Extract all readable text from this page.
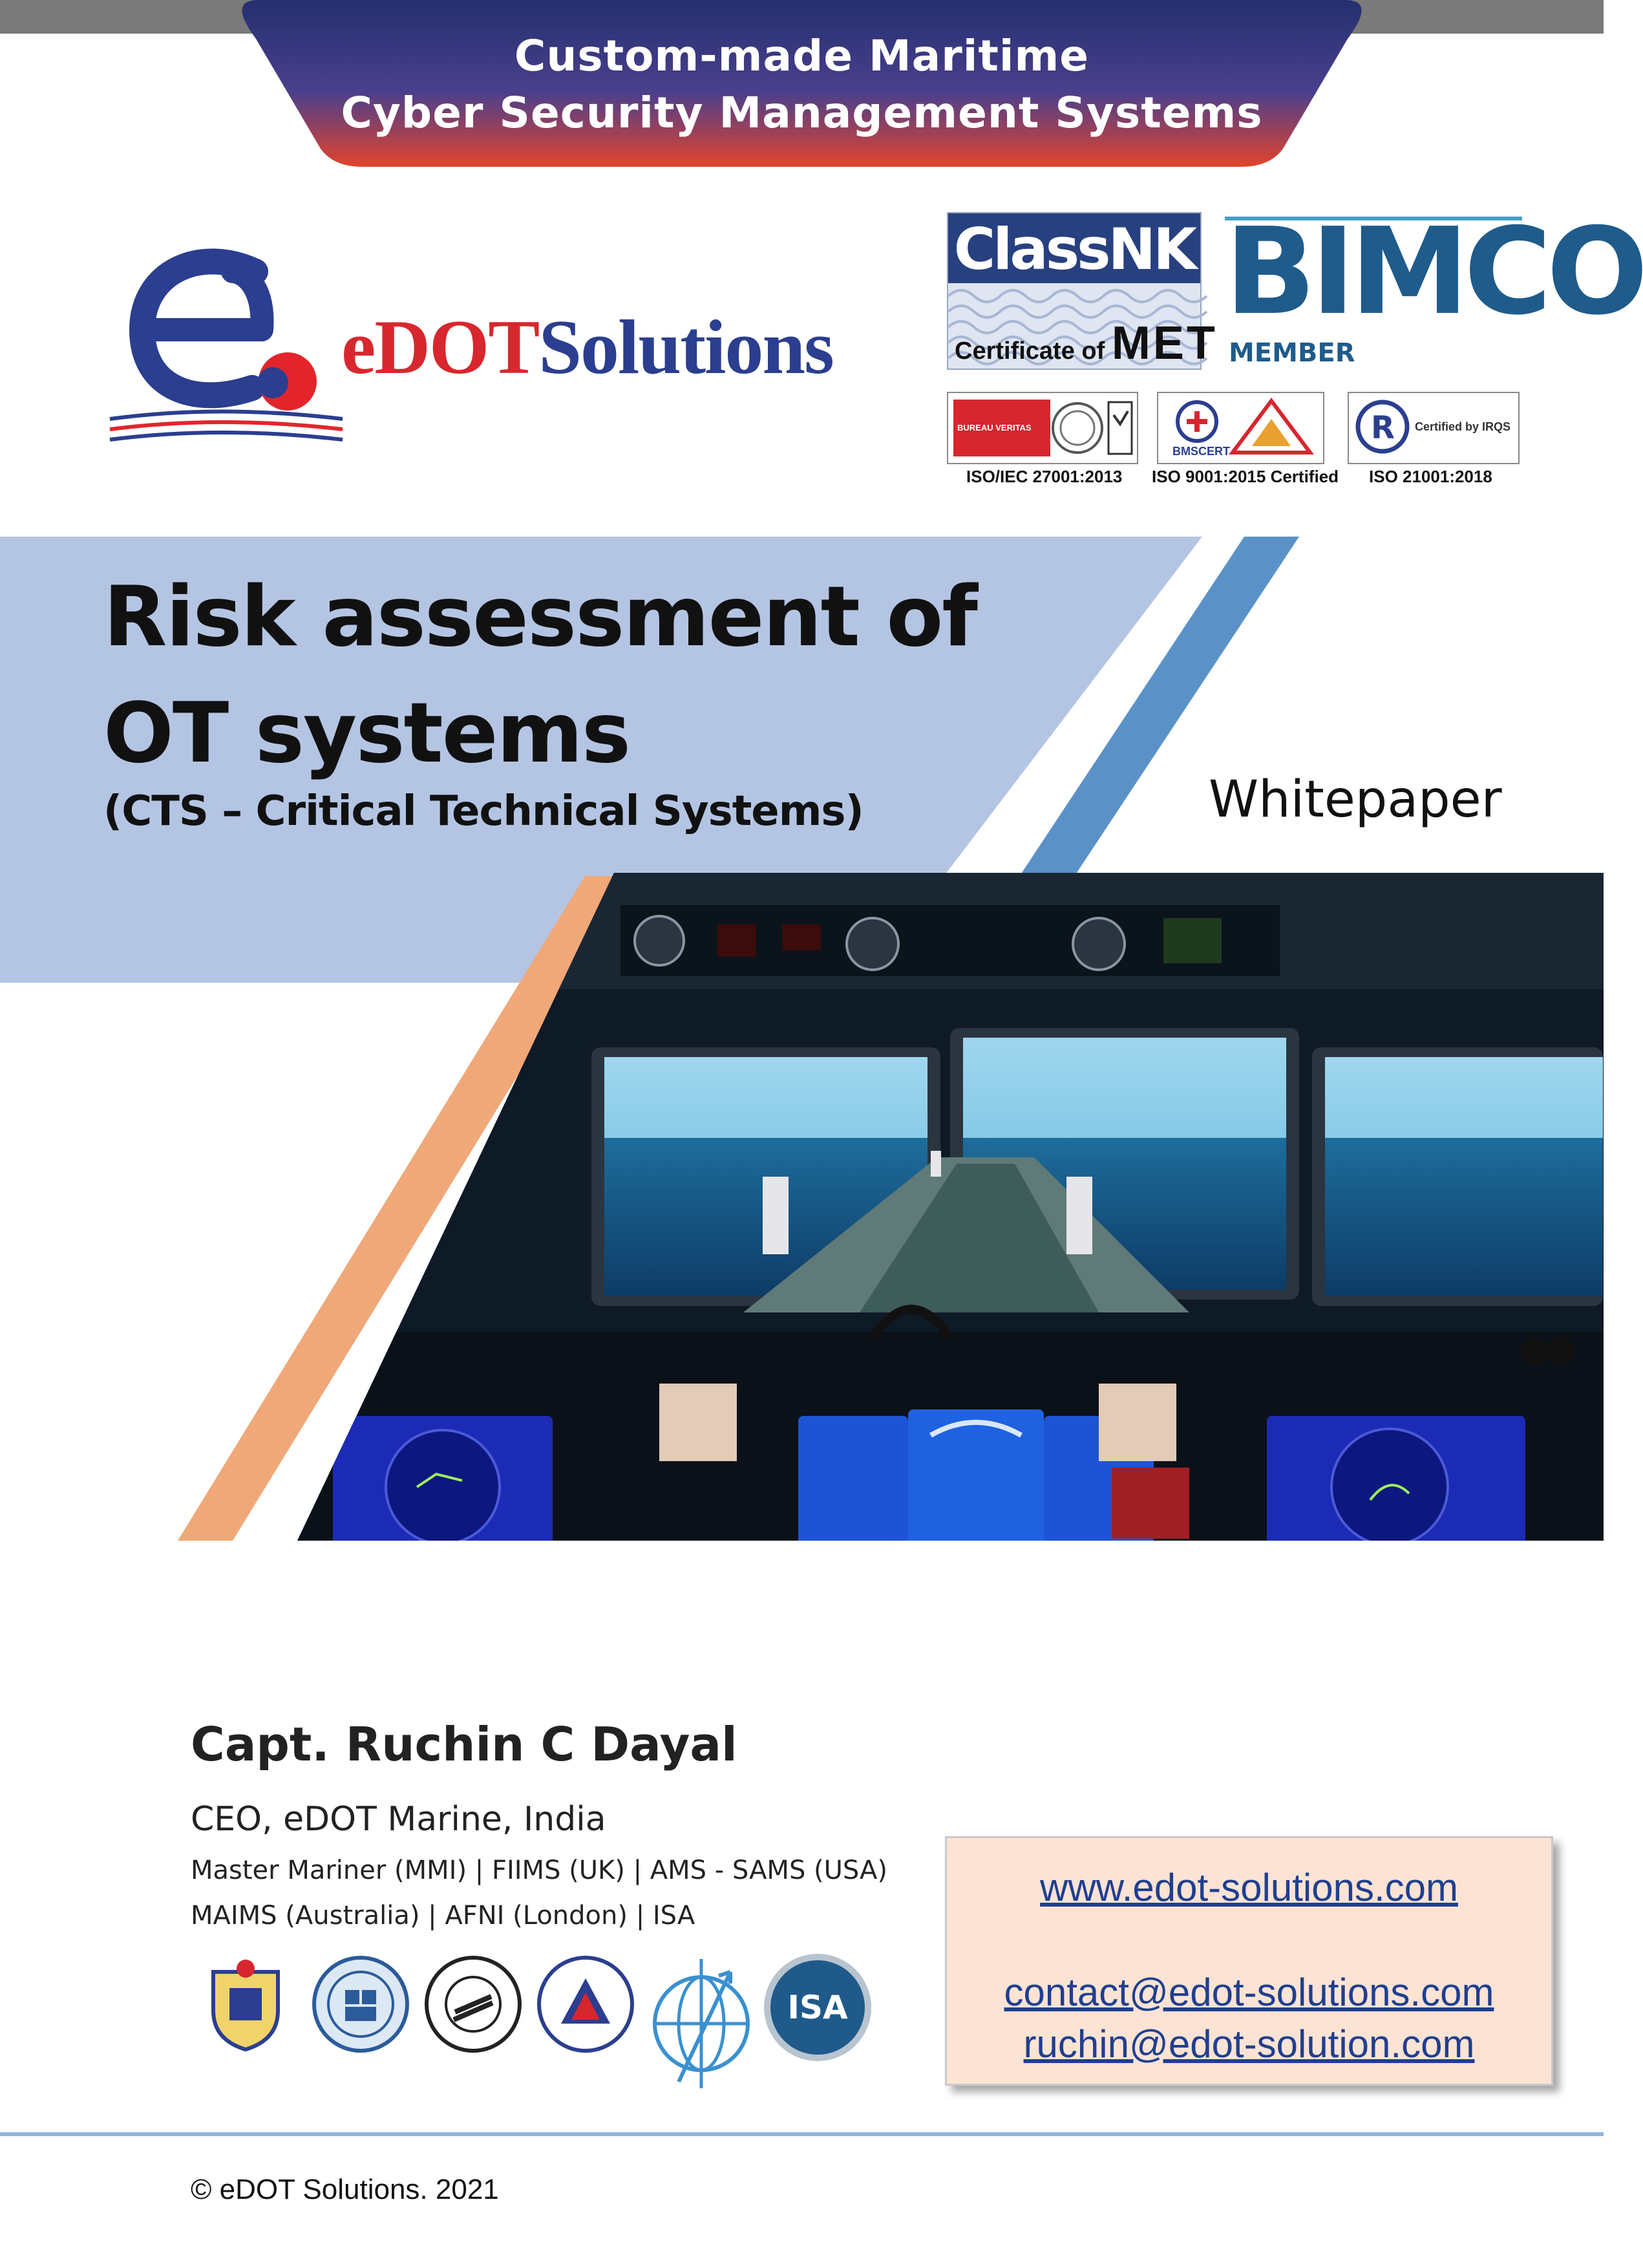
Custom-made Maritime
Cyber Security Management Systems
eDOTSolutions
ClassNK
Certificate of MET
BIMCO
MEMBER
BUREAU VERITAS
ISO/IEC 27001:2013
BMSCERT
ISO 9001:2015 Certified
R Certified by IRQS
ISO 21001:2018
Risk assessment of
OT systems
(CTS – Critical Technical Systems)	Whitepaper
Capt. Ruchin C Dayal
CEO, eDOT Marine, India
Master Mariner (MMI) | FIIMS (UK) | AMS - SAMS (USA)
MAIMS (Australia) | AFNI (London) | ISA
ISA
www.edot-solutions.com
contact@edot-solutions.com
ruchin@edot-solution.com
© eDOT Solutions. 2021
